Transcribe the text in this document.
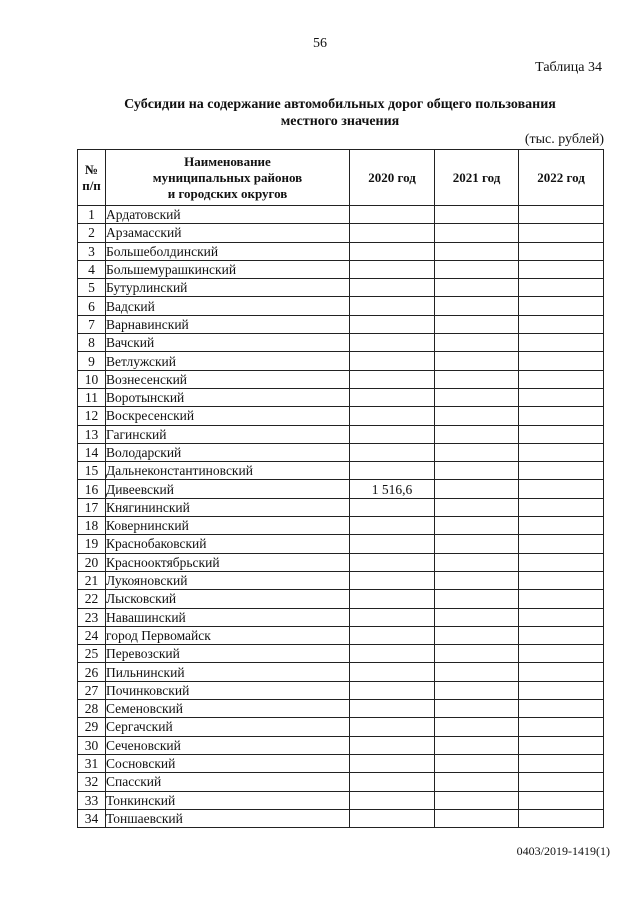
56
Таблица 34
Субсидии на содержание автомобильных дорог общего пользования
местного значения
(тыс. рублей)
№ п/п	Наименование
муниципальных районов
и городских округов	2020 год	2021 год	2022 год
1	Ардатовский			
2	Арзамасский			
3	Большеболдинский			
4	Большемурашкинский			
5	Бутурлинский			
6	Вадский			
7	Варнавинский			
8	Вачский			
9	Ветлужский			
10	Вознесенский			
11	Воротынский			
12	Воскресенский			
13	Гагинский			
14	Володарский			
15	Дальнеконстантиновский			
16	Дивеевский	1 516,6		
17	Княгининский			
18	Ковернинский			
19	Краснобаковский			
20	Краснооктябрьский			
21	Лукояновский			
22	Лысковский			
23	Навашинский			
24	город Первомайск			
25	Перевозский			
26	Пильнинский			
27	Починковский			
28	Семеновский			
29	Сергачский			
30	Сеченовский			
31	Сосновский			
32	Спасский			
33	Тонкинский			
34	Тоншаевский			
0403/2019-1419(1)
